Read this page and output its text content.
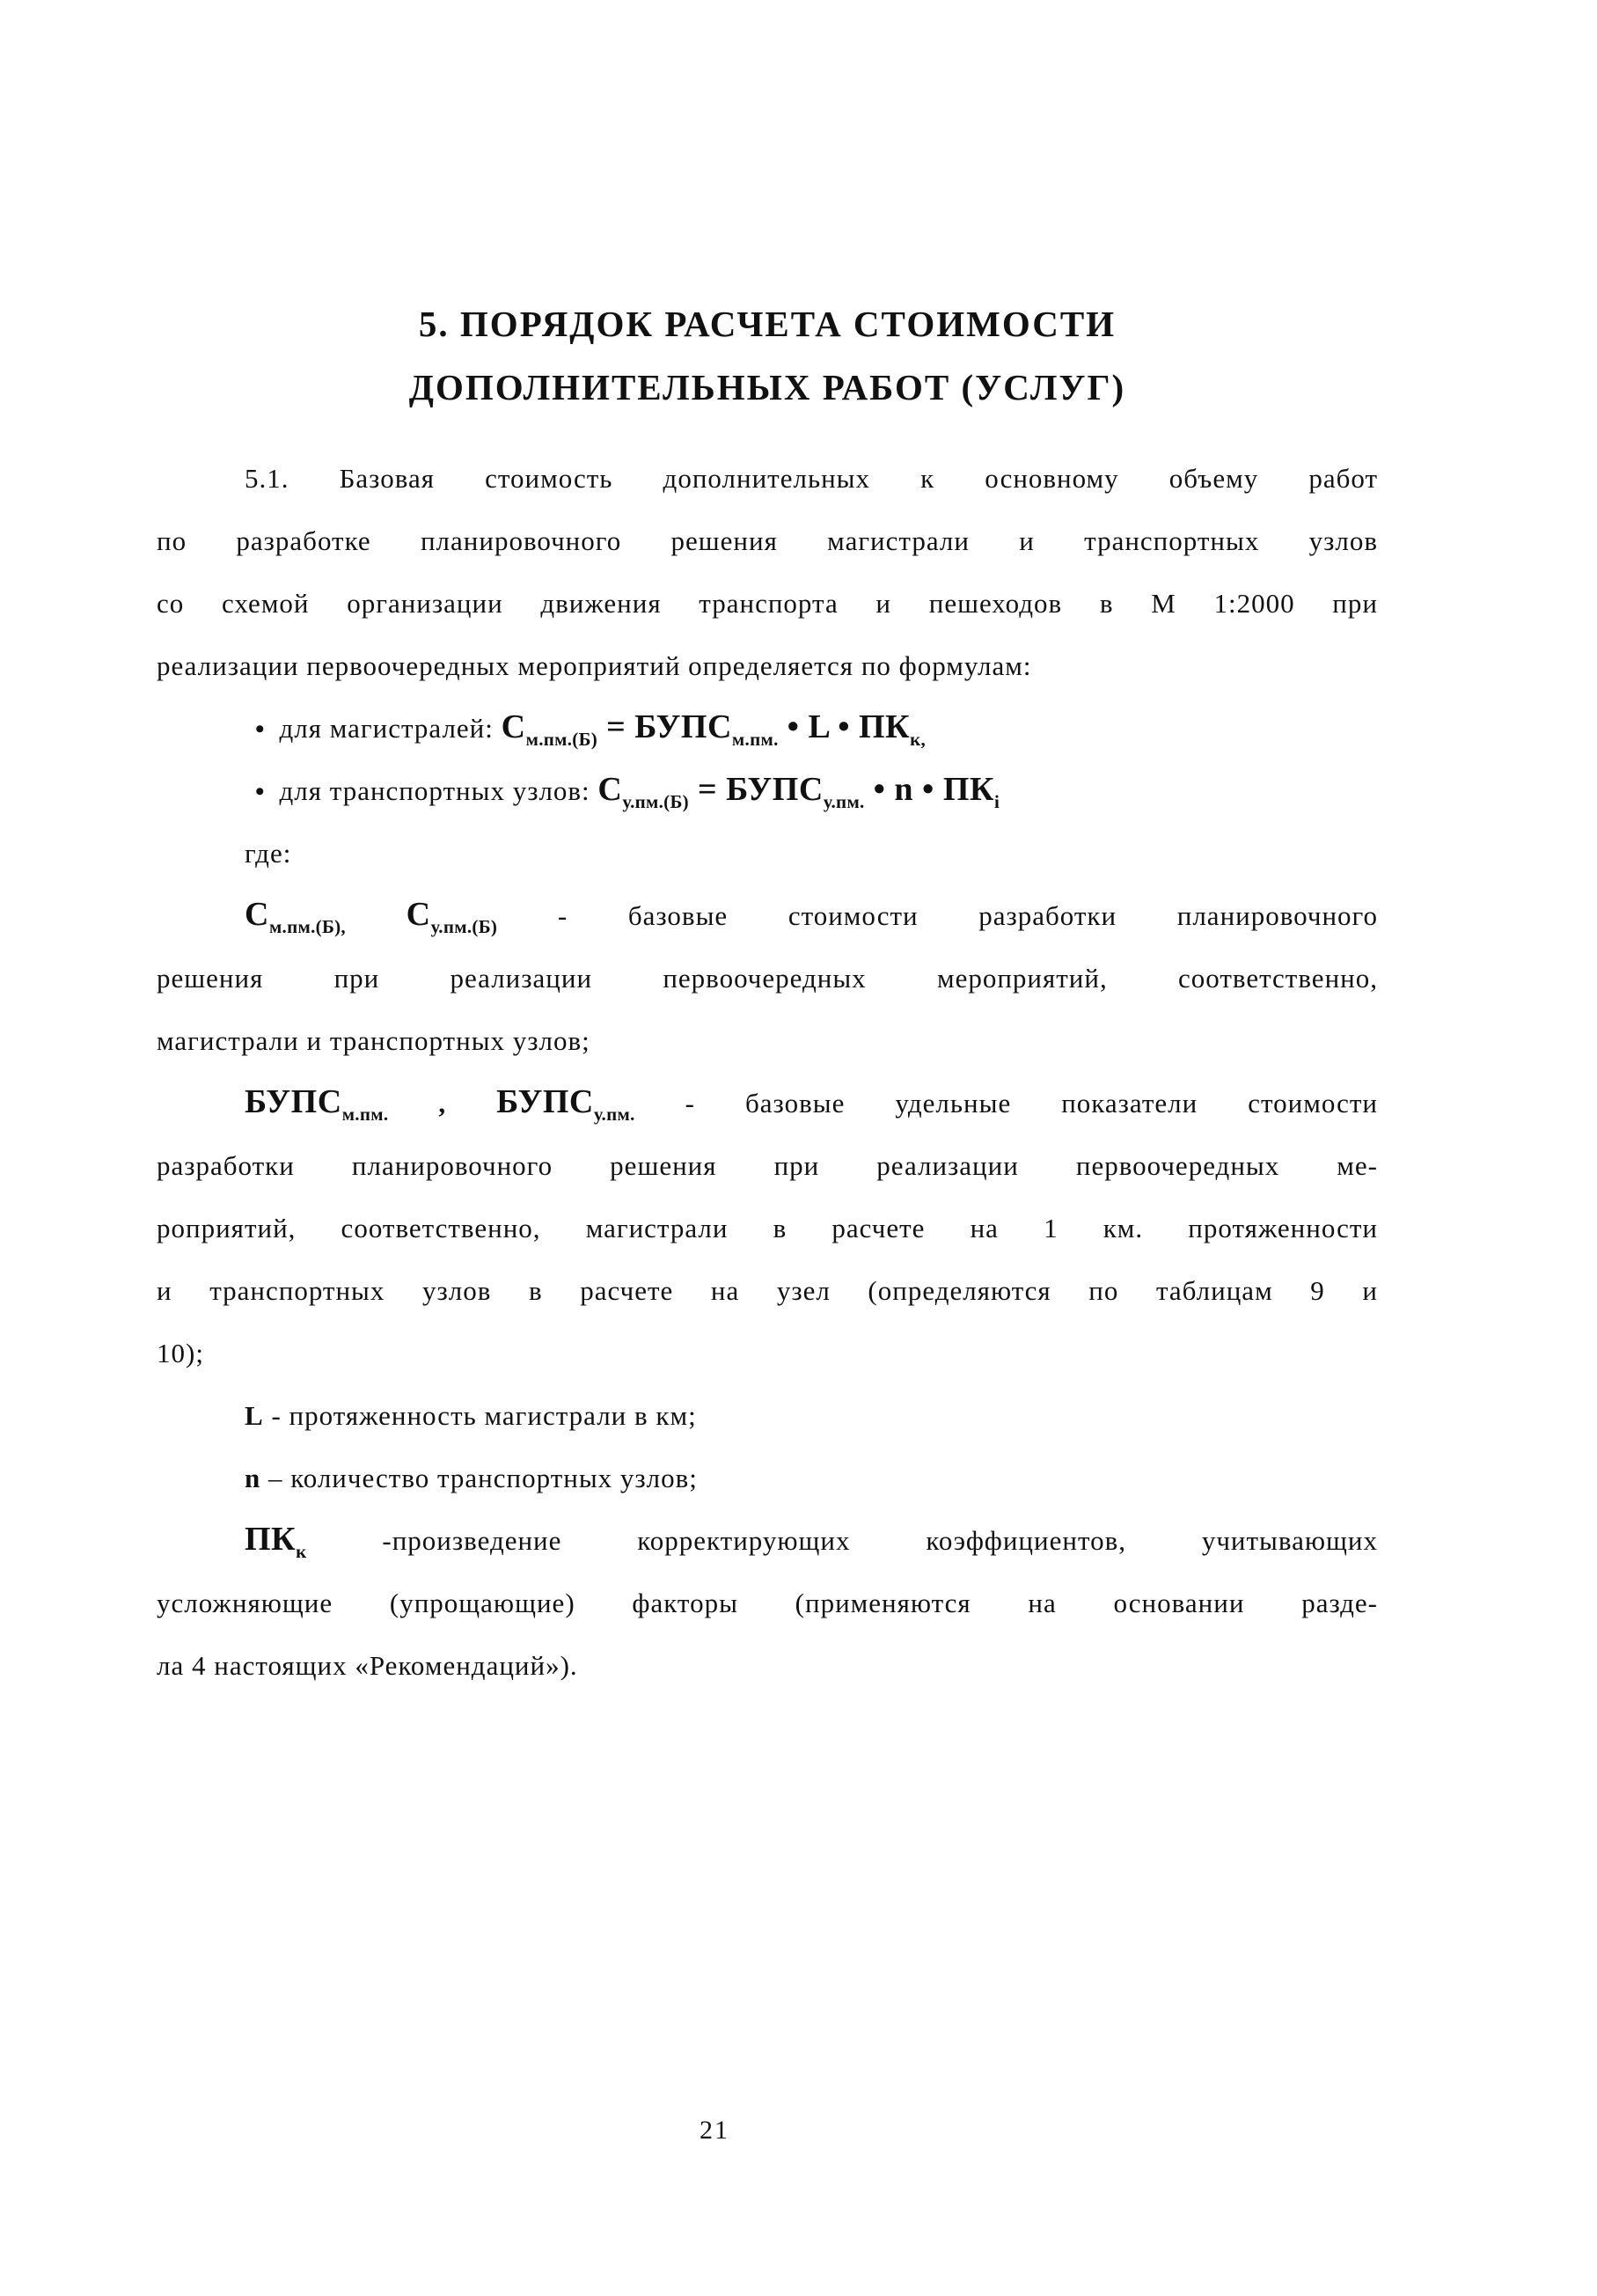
5. ПОРЯДОК РАСЧЕТА СТОИМОСТИ
ДОПОЛНИТЕЛЬНЫХ РАБОТ (УСЛУГ)
5.1. Базовая стоимость дополнительных к основному объему работ
по разработке планировочного решения магистрали и транспортных узлов
со схемой организации движения транспорта и пешеходов в М 1:2000 при
реализации первоочередных мероприятий определяется по формулам:
• для магистралей: $С_{м.пм.(Б)}$ = $БУПС_{м.пм.}$ • L • $ПК_{к,}$
• для транспортных узлов: $С_{у.пм.(Б)}$ = $БУПС_{у.пм.}$ • n • $ПК_i$
где:
$С_{м.пм.(Б),}$ $С_{у.пм.(Б)}$ - базовые стоимости разработки планировочного
решения при реализации первоочередных мероприятий, соответственно,
магистрали и транспортных узлов;
$БУПС_{м.пм.}$ , $БУПС_{у.пм.}$ - базовые удельные показатели стоимости
разработки планировочного решения при реализации первоочередных ме-
роприятий, соответственно, магистрали в расчете на 1 км. протяженности
и транспортных узлов в расчете на узел (определяются по таблицам 9 и
10);
L - протяженность магистрали в км;
n – количество транспортных узлов;
$ПК_к$ -произведение корректирующих коэффициентов, учитывающих
усложняющие (упрощающие) факторы (применяются на основании разде-
ла 4 настоящих «Рекомендаций»).
21
